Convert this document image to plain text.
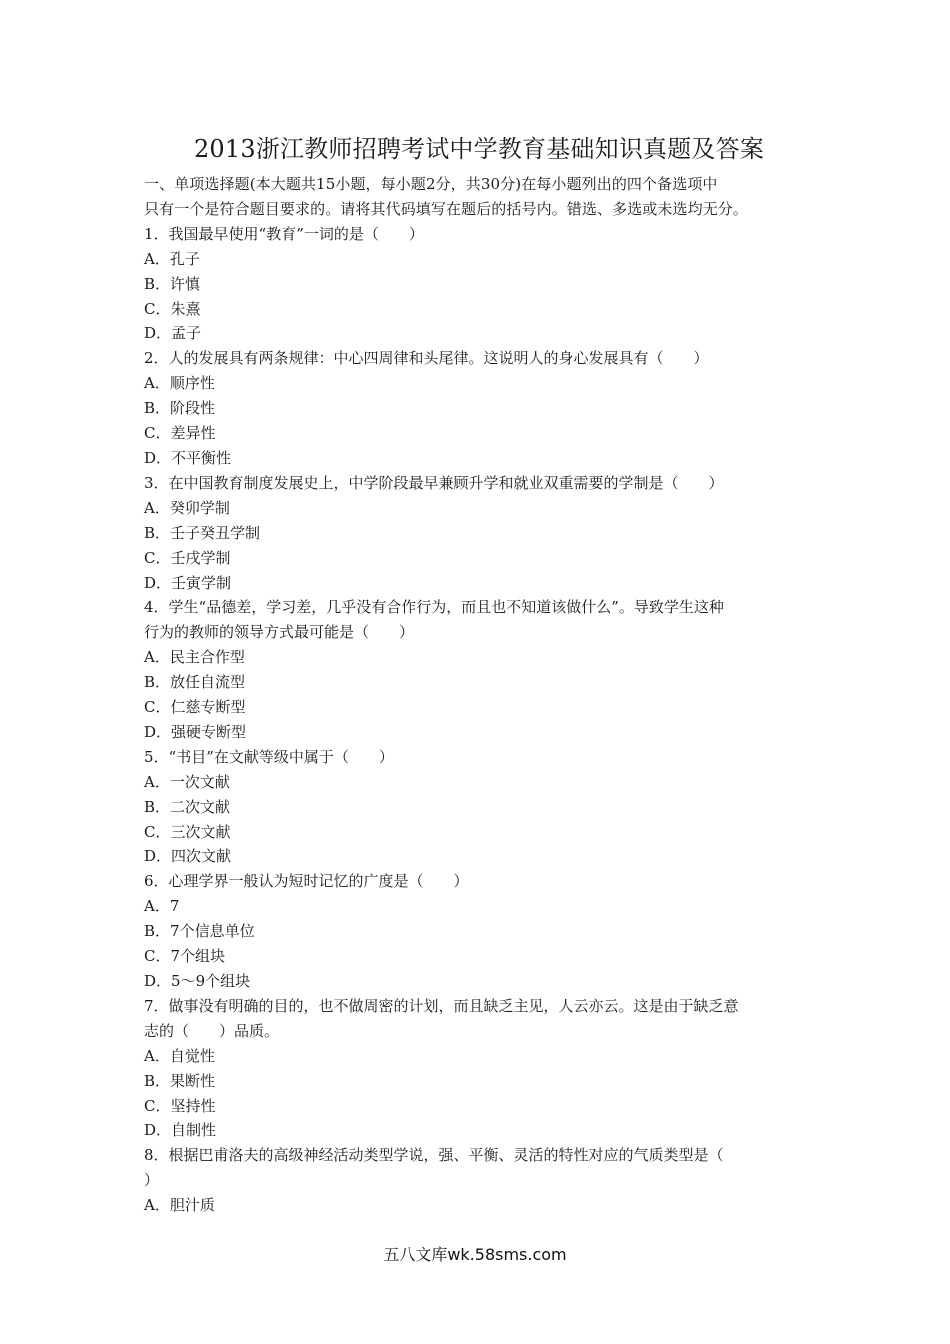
2013浙江教师招聘考试中学教育基础知识真题及答案

一、单项选择题(本大题共15小题，每小题2分，共30分)在每小题列出的四个备选项中

只有一个是符合题目要求的。请将其代码填写在题后的括号内。错选、多选或未选均无分。

1．我国最早使用“教育”一词的是（　　）

A．孔子

B．许慎

C．朱熹

D．孟子

2．人的发展具有两条规律：中心四周律和头尾律。这说明人的身心发展具有（　　）

A．顺序性

B．阶段性

C．差异性

D．不平衡性

3．在中国教育制度发展史上，中学阶段最早兼顾升学和就业双重需要的学制是（　　）

A．癸卯学制

B．壬子癸丑学制

C．壬戌学制

D．壬寅学制

4．学生“品德差，学习差，几乎没有合作行为，而且也不知道该做什么”。导致学生这种

行为的教师的领导方式最可能是（　　）

A．民主合作型

B．放任自流型

C．仁慈专断型

D．强硬专断型

5．“书目”在文献等级中属于（　　）

A．一次文献

B．二次文献

C．三次文献

D．四次文献

6．心理学界一般认为短时记忆的广度是（　　）

A．7

B．7个信息单位

C．7个组块

D．5～9个组块

7．做事没有明确的目的，也不做周密的计划，而且缺乏主见，人云亦云。这是由于缺乏意

志的（　　）品质。

A．自觉性

B．果断性

C．坚持性

D．自制性

8．根据巴甫洛夫的高级神经活动类型学说，强、平衡、灵活的特性对应的气质类型是（

）

A．胆汁质

五八文库wk.58sms.com
